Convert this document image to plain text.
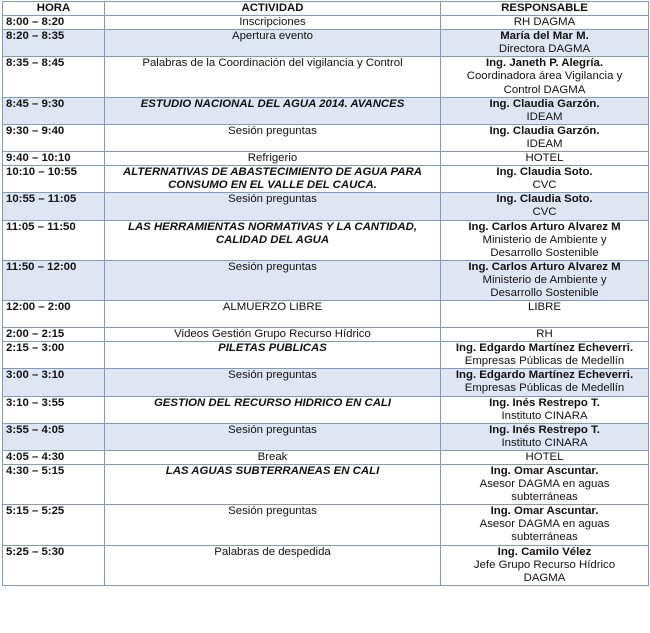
HORA	ACTIVIDAD	RESPONSABLE
8:00 – 8:20	Inscripciones	RH DAGMA

8:20 – 8:35	Apertura evento	María del Mar M.
Directora DAGMA

8:35 – 8:45	Palabras de la Coordinación del vigilancia y Control	Ing. Janeth P. Alegría.
Coordinadora área Vigilancia y
Control DAGMA

8:45 – 9:30	ESTUDIO NACIONAL DEL AGUA 2014. AVANCES	Ing. Claudia Garzón.
IDEAM

9:30 – 9:40	Sesión preguntas	Ing. Claudia Garzón.
IDEAM

9:40 – 10:10	Refrigerio	HOTEL

10:10 – 10:55	ALTERNATIVAS DE ABASTECIMIENTO DE AGUA PARA CONSUMO EN EL VALLE DEL CAUCA.	Ing. Claudia Soto.
CVC

10:55 – 11:05	Sesión preguntas	Ing. Claudia Soto.
CVC

11:05 – 11:50	LAS HERRAMIENTAS NORMATIVAS Y LA CANTIDAD, CALIDAD DEL AGUA	Ing. Carlos Arturo Alvarez M
Ministerio de Ambiente y
Desarrollo Sostenible

11:50 – 12:00	Sesión preguntas	Ing. Carlos Arturo Alvarez M
Ministerio de Ambiente y
Desarrollo Sostenible

12:00 – 2:00	ALMUERZO LIBRE	LIBRE

2:00 – 2:15	Videos Gestión Grupo Recurso Hídrico	RH

2:15 – 3:00	PILETAS PUBLICAS	Ing. Edgardo Martínez Echeverri.
Empresas Públicas de Medellín

3:00 – 3:10	Sesión preguntas	Ing. Edgardo Martínez Echeverri.
Empresas Públicas de Medellín

3:10 – 3:55	GESTION DEL RECURSO HIDRICO EN CALI	Ing. Inés Restrepo T.
Instituto CINARA

3:55 – 4:05	Sesión preguntas	Ing. Inés Restrepo T.
Instituto CINARA

4:05 – 4:30	Break	HOTEL

4:30 – 5:15	LAS AGUAS SUBTERRANEAS EN CALI	Ing. Omar Ascuntar.
Asesor DAGMA en aguas
subterráneas

5:15 – 5:25	Sesión preguntas	Ing. Omar Ascuntar.
Asesor DAGMA en aguas
subterráneas

5:25 – 5:30	Palabras de despedida	Ing. Camilo Vélez
Jefe Grupo Recurso Hídrico
DAGMA
